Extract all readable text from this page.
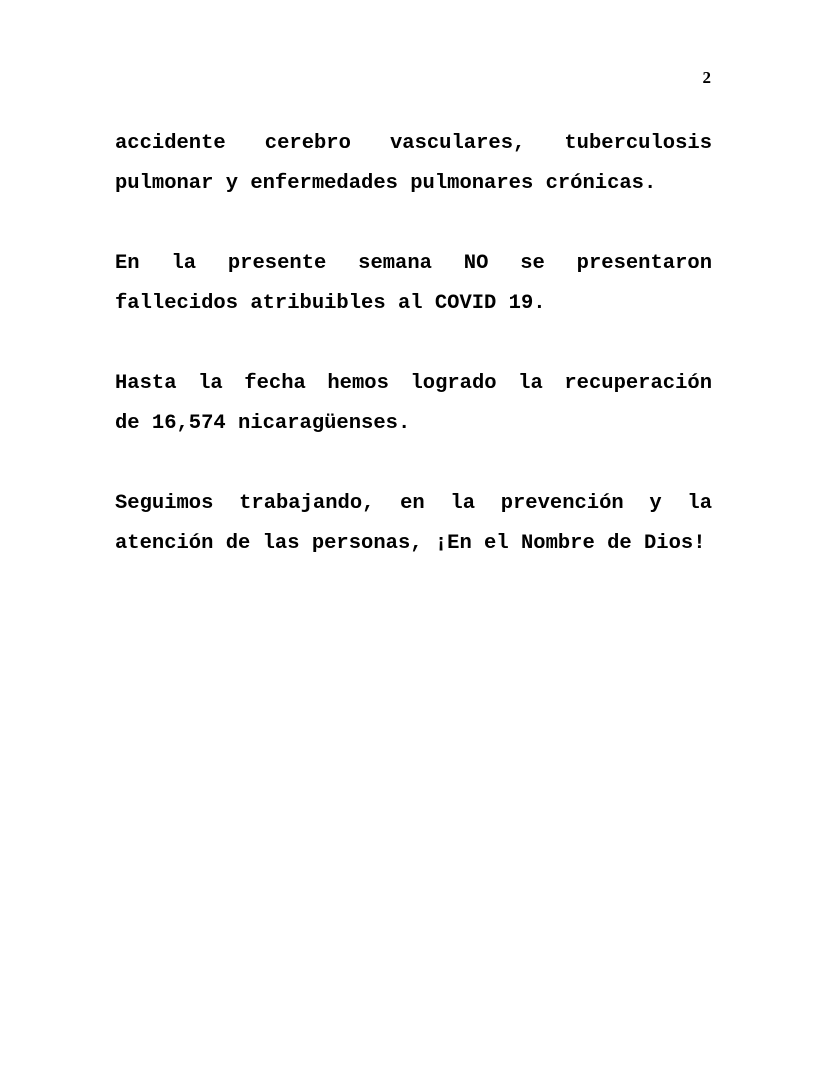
2

accidente cerebro vasculares, tuberculosis
pulmonar y enfermedades pulmonares crónicas.

En la presente semana NO se presentaron
fallecidos atribuibles al COVID 19.

Hasta la fecha hemos logrado la recuperación
de 16,574 nicaragüenses.

Seguimos trabajando, en la prevención y la
atención de las personas, ¡En el Nombre de Dios!
